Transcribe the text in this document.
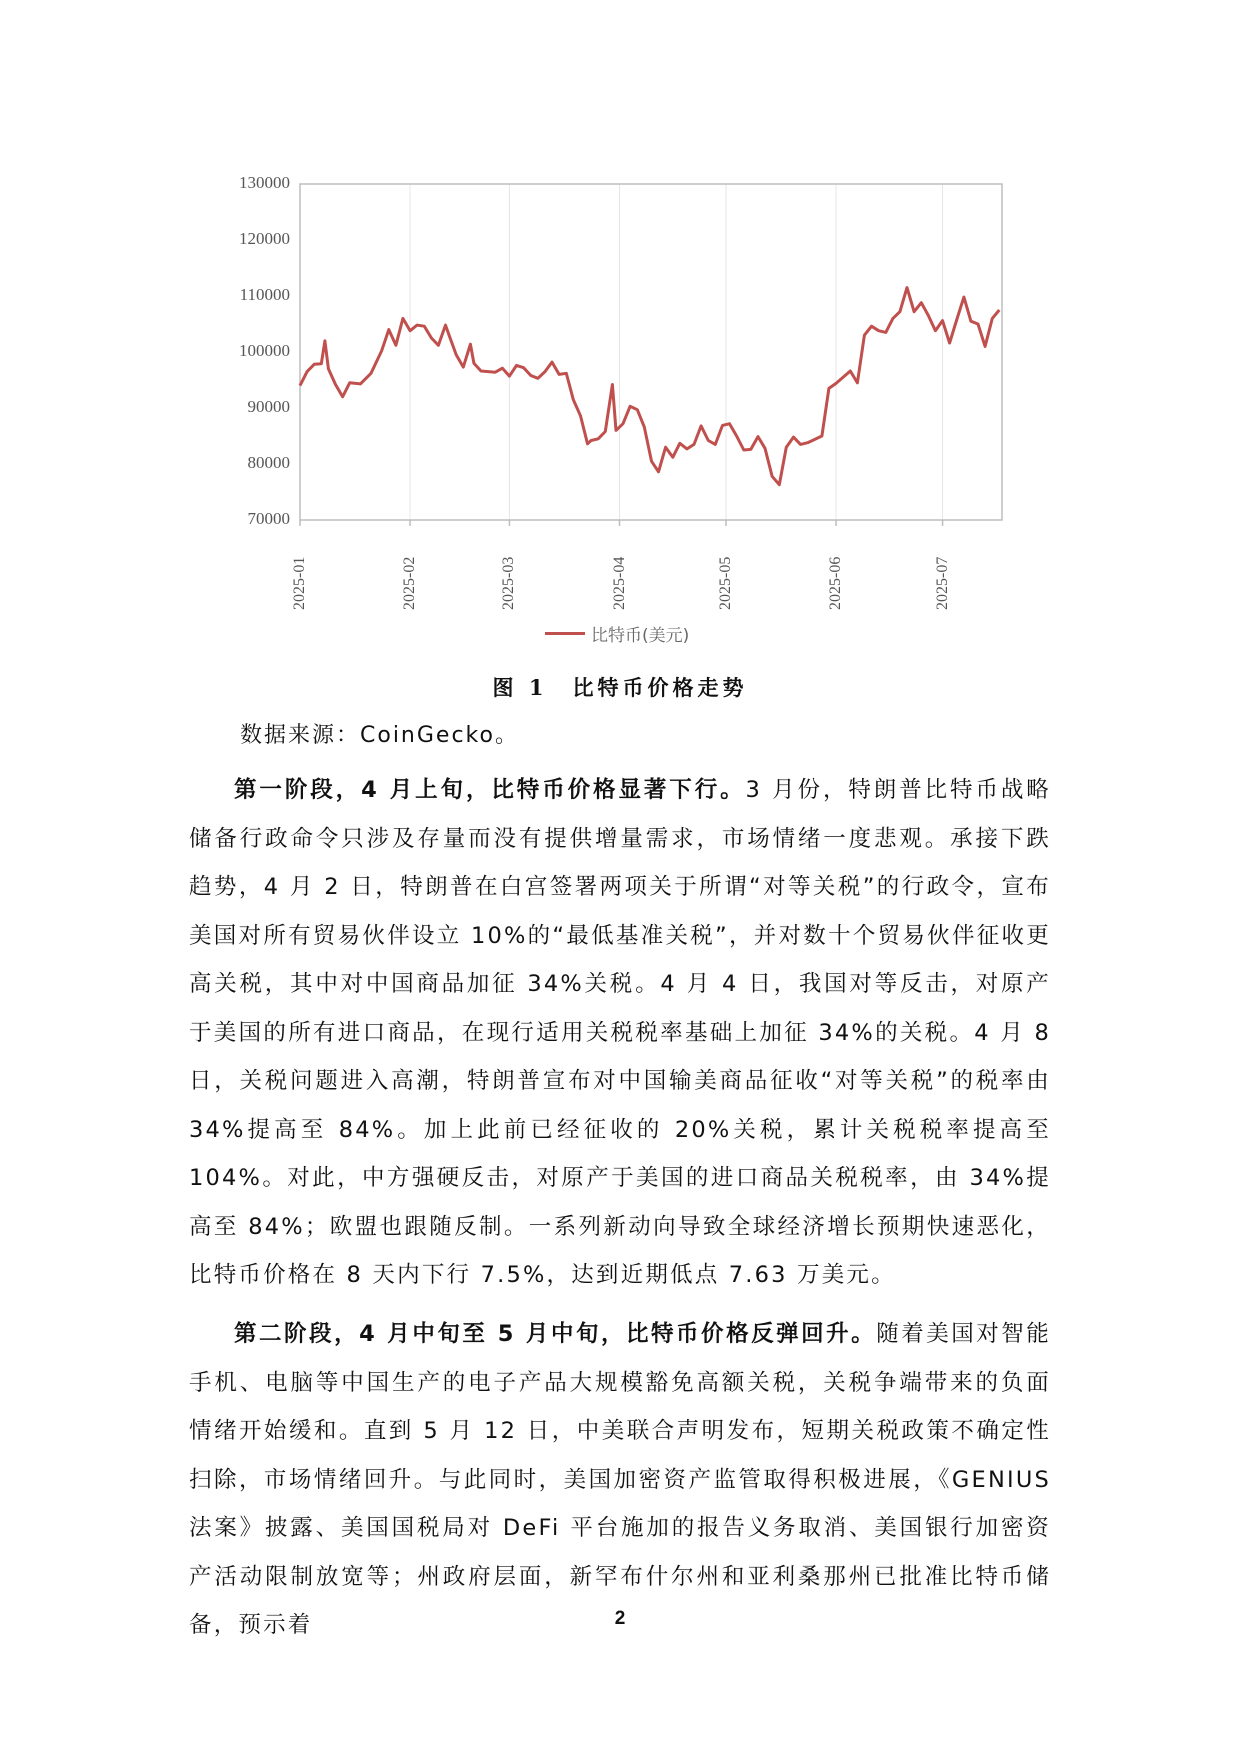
130000
120000
110000
100000
90000
80000
70000
2025-01	2025-02	2025-03	2025-04	2025-05	2025-06	2025-07
比特币(美元)
图 1　比特币价格走势
数据来源：CoinGecko。
第一阶段，4 月上旬，比特币价格显著下行。3 月份，特朗普比特币战略储备行政命令只涉及存量而没有提供增量需求，市场情绪一度悲观。承接下跌趋势，4 月 2 日，特朗普在白宫签署两项关于所谓“对等关税”的行政令，宣布美国对所有贸易伙伴设立 10%的“最低基准关税”，并对数十个贸易伙伴征收更高关税，其中对中国商品加征 34%关税。4 月 4 日，我国对等反击，对原产于美国的所有进口商品，在现行适用关税税率基础上加征 34%的关税。4 月 8 日，关税问题进入高潮，特朗普宣布对中国输美商品征收“对等关税”的税率由 34%提高至 84%。加上此前已经征收的 20%关税，累计关税税率提高至 104%。对此，中方强硬反击，对原产于美国的进口商品关税税率，由 34%提高至 84%；欧盟也跟随反制。一系列新动向导致全球经济增长预期快速恶化，比特币价格在 8 天内下行 7.5%，达到近期低点 7.63 万美元。
第二阶段，4 月中旬至 5 月中旬，比特币价格反弹回升。随着美国对智能手机、电脑等中国生产的电子产品大规模豁免高额关税，关税争端带来的负面情绪开始缓和。直到 5 月 12 日，中美联合声明发布，短期关税政策不确定性扫除，市场情绪回升。与此同时，美国加密资产监管取得积极进展，《GENIUS 法案》披露、美国国税局对 DeFi 平台施加的报告义务取消、美国银行加密资产活动限制放宽等；州政府层面，新罕布什尔州和亚利桑那州已批准比特币储备，预示着	2
